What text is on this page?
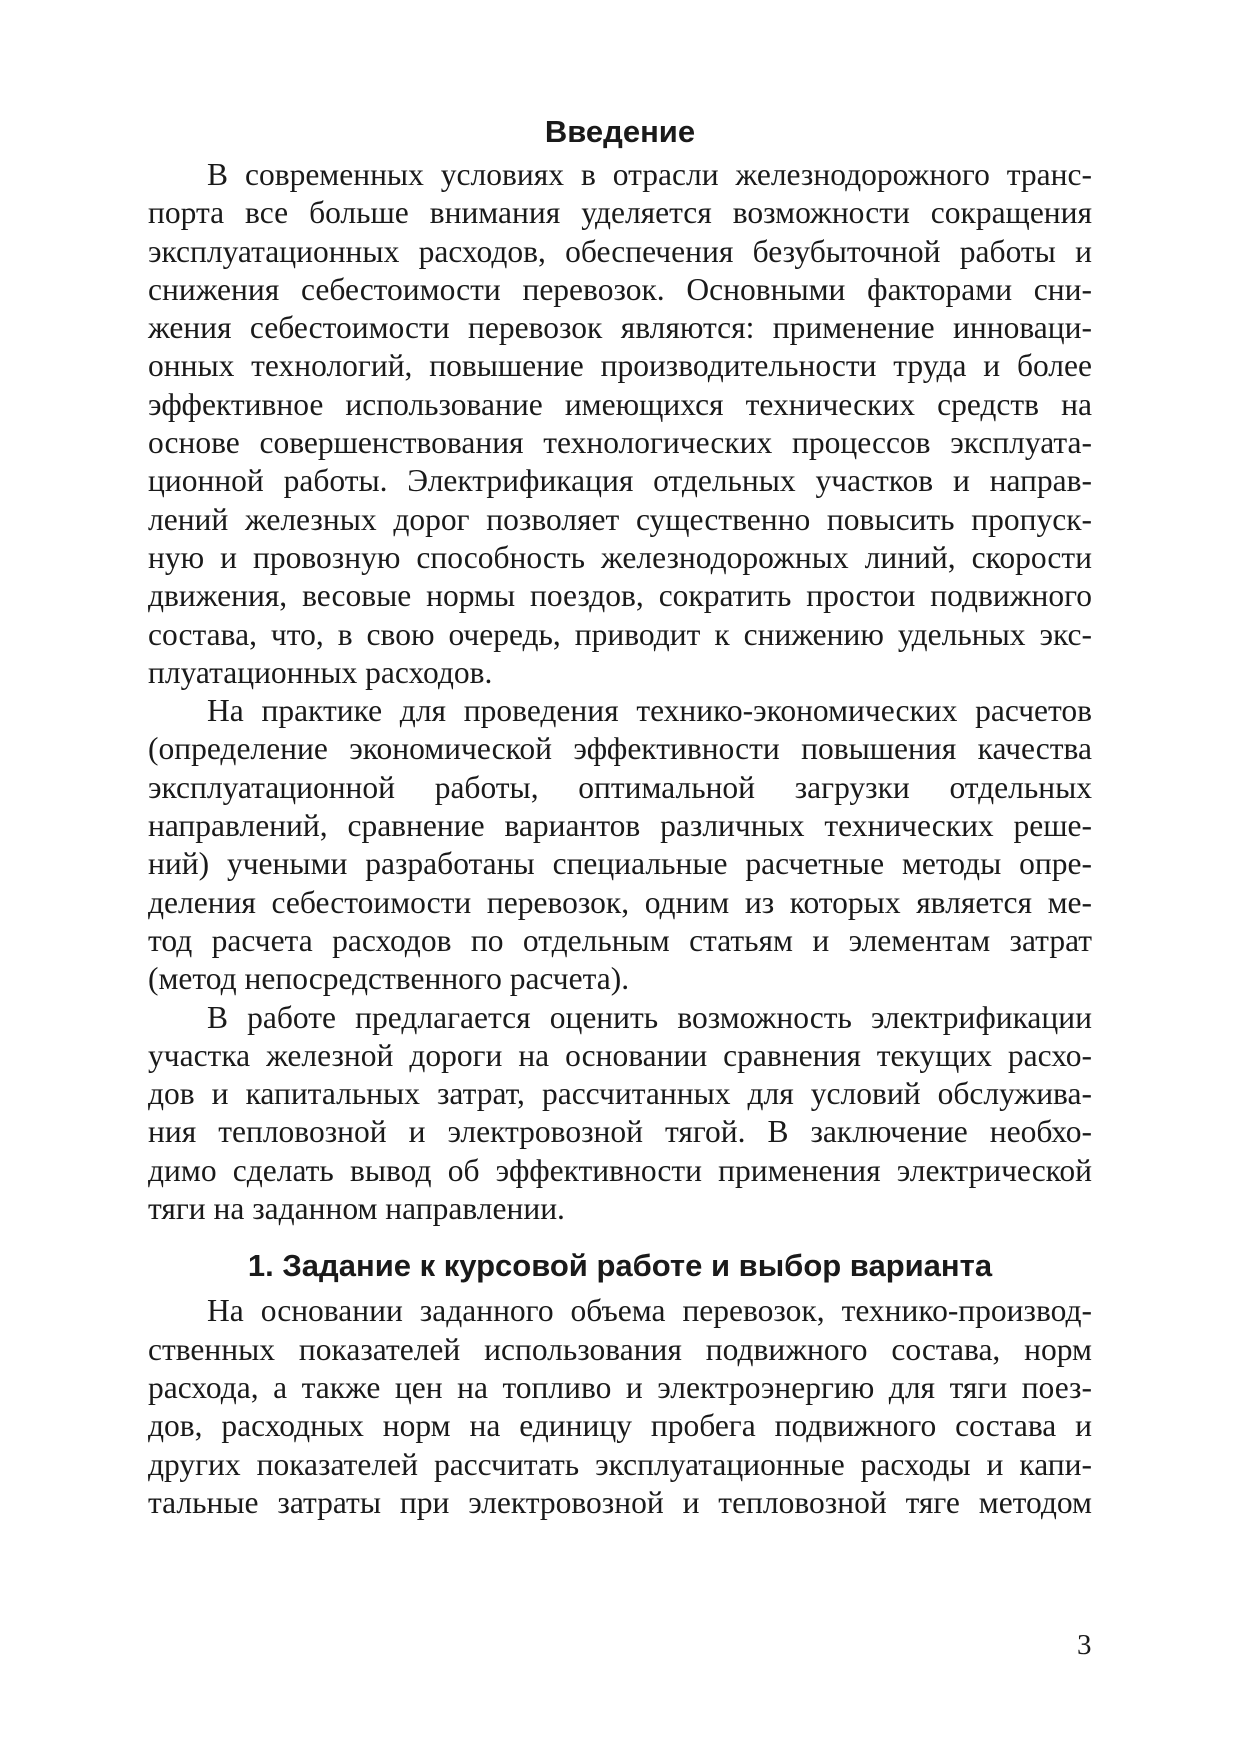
Введение

В современных условиях в отрасли железнодорожного транс-
порта все больше внимания уделяется возможности сокращения
эксплуатационных расходов, обеспечения безубыточной работы и
снижения себестоимости перевозок. Основными факторами сни-
жения себестоимости перевозок являются: применение инноваци-
онных технологий, повышение производительности труда и более
эффективное использование имеющихся технических средств на
основе совершенствования технологических процессов эксплуата-
ционной работы. Электрификация отдельных участков и направ-
лений железных дорог позволяет существенно повысить пропуск-
ную и провозную способность железнодорожных линий, скорости
движения, весовые нормы поездов, сократить простои подвижного
состава, что, в свою очередь, приводит к снижению удельных экс-
плуатационных расходов.

На практике для проведения технико-экономических расчетов
(определение экономической эффективности повышения качества
эксплуатационной работы, оптимальной загрузки отдельных
направлений, сравнение вариантов различных технических реше-
ний) учеными разработаны специальные расчетные методы опре-
деления себестоимости перевозок, одним из которых является ме-
тод расчета расходов по отдельным статьям и элементам затрат
(метод непосредственного расчета).

В работе предлагается оценить возможность электрификации
участка железной дороги на основании сравнения текущих расхо-
дов и капитальных затрат, рассчитанных для условий обслужива-
ния тепловозной и электровозной тягой. В заключение необхо-
димо сделать вывод об эффективности применения электрической
тяги на заданном направлении.

1. Задание к курсовой работе и выбор варианта

На основании заданного объема перевозок, технико-производ-
ственных показателей использования подвижного состава, норм
расхода, а также цен на топливо и электроэнергию для тяги поез-
дов, расходных норм на единицу пробега подвижного состава и
других показателей рассчитать эксплуатационные расходы и капи-
тальные затраты при электровозной и тепловозной тяге методом

3
